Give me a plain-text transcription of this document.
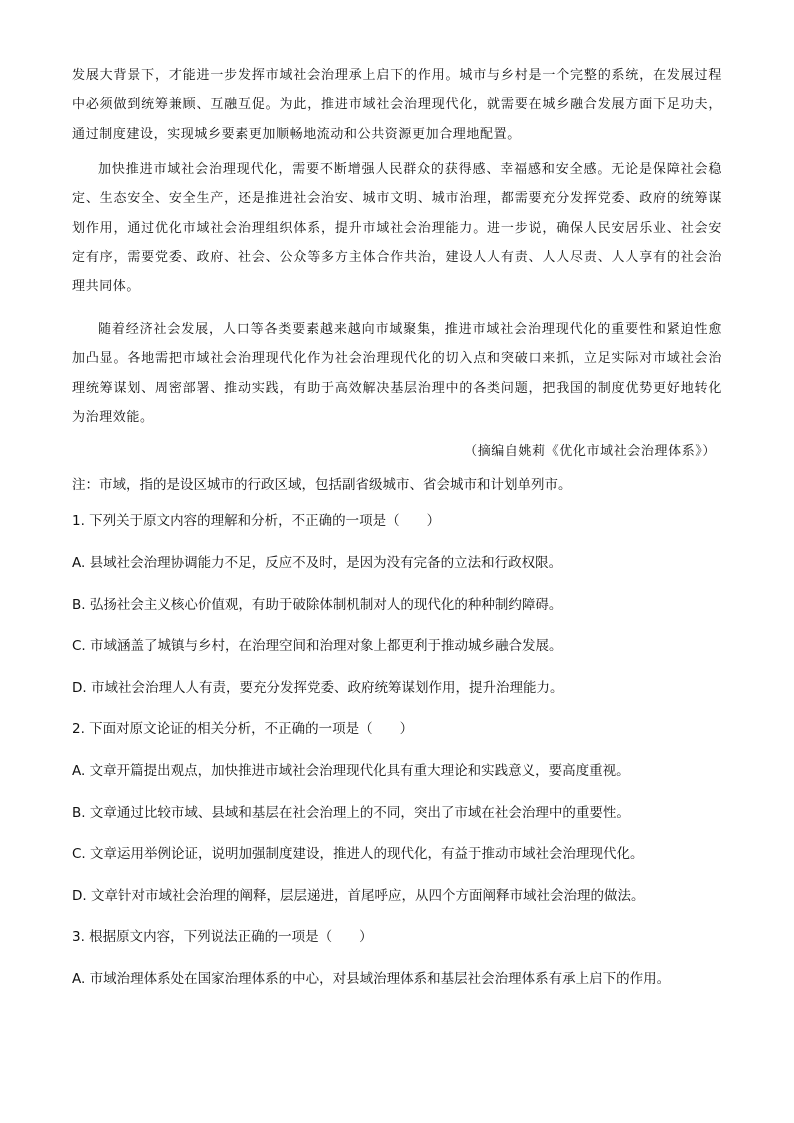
发展大背景下，才能进一步发挥市域社会治理承上启下的作用。城市与乡村是一个完整的系统，在发展过程中必须做到统筹兼顾、互融互促。为此，推进市域社会治理现代化，就需要在城乡融合发展方面下足功夫，通过制度建设，实现城乡要素更加顺畅地流动和公共资源更加合理地配置。

加快推进市域社会治理现代化，需要不断增强人民群众的获得感、幸福感和安全感。无论是保障社会稳定、生态安全、安全生产，还是推进社会治安、城市文明、城市治理，都需要充分发挥党委、政府的统筹谋划作用，通过优化市域社会治理组织体系，提升市域社会治理能力。进一步说，确保人民安居乐业、社会安定有序，需要党委、政府、社会、公众等多方主体合作共治，建设人人有责、人人尽责、人人享有的社会治理共同体。

随着经济社会发展，人口等各类要素越来越向市域聚集，推进市域社会治理现代化的重要性和紧迫性愈加凸显。各地需把市域社会治理现代化作为社会治理现代化的切入点和突破口来抓，立足实际对市域社会治理统筹谋划、周密部署、推动实践，有助于高效解决基层治理中的各类问题，把我国的制度优势更好地转化为治理效能。

（摘编自姚莉《优化市域社会治理体系》）
注：市域，指的是设区城市的行政区域，包括副省级城市、省会城市和计划单列市。
1. 下列关于原文内容的理解和分析，不正确的一项是（　　）
A. 县域社会治理协调能力不足，反应不及时，是因为没有完备的立法和行政权限。
B. 弘扬社会主义核心价值观，有助于破除体制机制对人的现代化的种种制约障碍。
C. 市域涵盖了城镇与乡村，在治理空间和治理对象上都更利于推动城乡融合发展。
D. 市域社会治理人人有责，要充分发挥党委、政府统筹谋划作用，提升治理能力。
2. 下面对原文论证的相关分析，不正确的一项是（　　）
A. 文章开篇提出观点，加快推进市域社会治理现代化具有重大理论和实践意义，要高度重视。
B. 文章通过比较市域、县域和基层在社会治理上的不同，突出了市域在社会治理中的重要性。
C. 文章运用举例论证，说明加强制度建设，推进人的现代化，有益于推动市域社会治理现代化。
D. 文章针对市域社会治理的阐释，层层递进，首尾呼应，从四个方面阐释市域社会治理的做法。
3. 根据原文内容，下列说法正确的一项是（　　）
A. 市域治理体系处在国家治理体系的中心，对县域治理体系和基层社会治理体系有承上启下的作用。
